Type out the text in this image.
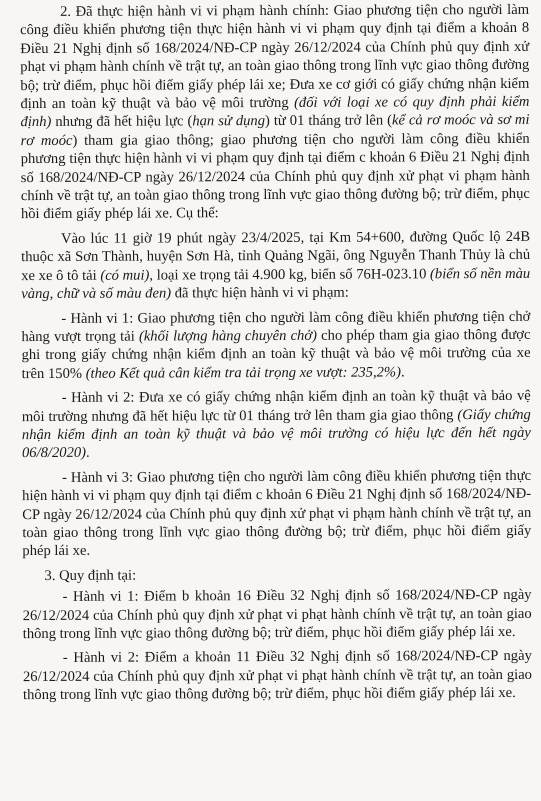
2. Đã thực hiện hành vi vi phạm hành chính: Giao phương tiện cho người làm công điều khiển phương tiện thực hiện hành vi vi phạm quy định tại điểm a khoản 8 Điều 21 Nghị định số 168/2024/NĐ-CP ngày 26/12/2024 của Chính phủ quy định xử phạt vi phạm hành chính về trật tự, an toàn giao thông trong lĩnh vực giao thông đường bộ; trừ điểm, phục hồi điểm giấy phép lái xe; Đưa xe cơ giới có giấy chứng nhận kiểm định an toàn kỹ thuật và bảo vệ môi trường (đối với loại xe có quy định phải kiểm định) nhưng đã hết hiệu lực (hạn sử dụng) từ 01 tháng trở lên (kể cả rơ moóc và sơ mi rơ moóc) tham gia giao thông; giao phương tiện cho người làm công điều khiển phương tiện thực hiện hành vi vi phạm quy định tại điểm c khoản 6 Điều 21 Nghị định số 168/2024/NĐ-CP ngày 26/12/2024 của Chính phủ quy định xử phạt vi phạm hành chính về trật tự, an toàn giao thông trong lĩnh vực giao thông đường bộ; trừ điểm, phục hồi điểm giấy phép lái xe. Cụ thể:

Vào lúc 11 giờ 19 phút ngày 23/4/2025, tại Km 54+600, đường Quốc lộ 24B thuộc xã Sơn Thành, huyện Sơn Hà, tỉnh Quảng Ngãi, ông Nguyễn Thanh Thủy là chủ xe xe ô tô tải (có mui), loại xe trọng tải 4.900 kg, biển số 76H-023.10 (biển số nền màu vàng, chữ và số màu đen) đã thực hiện hành vi vi phạm:

- Hành vi 1: Giao phương tiện cho người làm công điều khiển phương tiện chở hàng vượt trọng tải (khối lượng hàng chuyên chở) cho phép tham gia giao thông được ghi trong giấy chứng nhận kiểm định an toàn kỹ thuật và bảo vệ môi trường của xe trên 150% (theo Kết quả cân kiểm tra tải trọng xe vượt: 235,2%).

- Hành vi 2: Đưa xe có giấy chứng nhận kiểm định an toàn kỹ thuật và bảo vệ môi trường nhưng đã hết hiệu lực từ 01 tháng trở lên tham gia giao thông (Giấy chứng nhận kiểm định an toàn kỹ thuật và bảo vệ môi trường có hiệu lực đến hết ngày 06/8/2020).

- Hành vi 3: Giao phương tiện cho người làm công điều khiển phương tiện thực hiện hành vi vi phạm quy định tại điểm c khoản 6 Điều 21 Nghị định số 168/2024/NĐ-CP ngày 26/12/2024 của Chính phủ quy định xử phạt vi phạm hành chính về trật tự, an toàn giao thông trong lĩnh vực giao thông đường bộ; trừ điểm, phục hồi điểm giấy phép lái xe.

3. Quy định tại:

- Hành vi 1: Điểm b khoản 16 Điều 32 Nghị định số 168/2024/NĐ-CP ngày 26/12/2024 của Chính phủ quy định xử phạt vi phạt hành chính về trật tự, an toàn giao thông trong lĩnh vực giao thông đường bộ; trừ điểm, phục hồi điểm giấy phép lái xe.

- Hành vi 2: Điểm a khoản 11 Điều 32 Nghị định số 168/2024/NĐ-CP ngày 26/12/2024 của Chính phủ quy định xử phạt vi phạt hành chính về trật tự, an toàn giao thông trong lĩnh vực giao thông đường bộ; trừ điểm, phục hồi điểm giấy phép lái xe.
